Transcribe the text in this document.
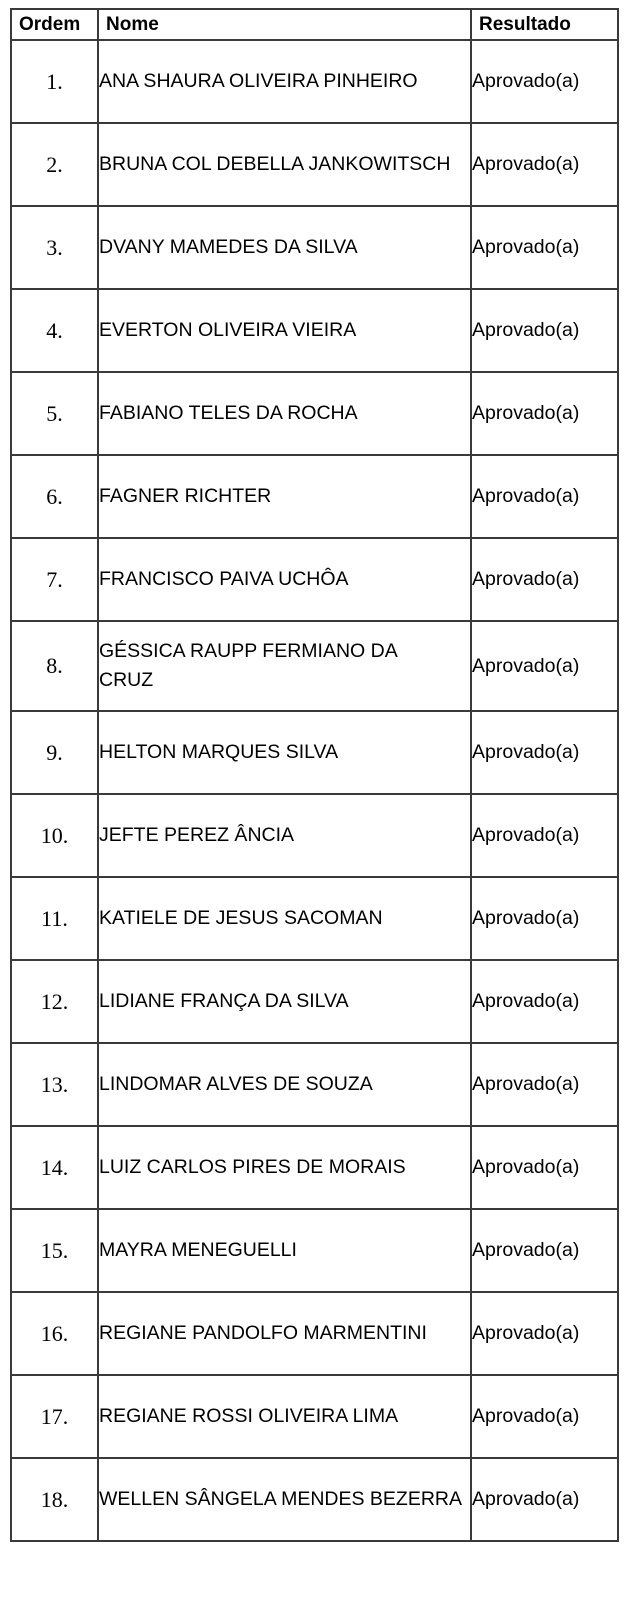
Ordem	Nome	Resultado
1.	ANA SHAURA OLIVEIRA PINHEIRO	Aprovado(a)
2.	BRUNA COL DEBELLA JANKOWITSCH	Aprovado(a)
3.	DVANY MAMEDES DA SILVA	Aprovado(a)
4.	EVERTON OLIVEIRA VIEIRA	Aprovado(a)
5.	FABIANO TELES DA ROCHA	Aprovado(a)
6.	FAGNER RICHTER	Aprovado(a)
7.	FRANCISCO PAIVA UCHÔA	Aprovado(a)
8.	GÉSSICA RAUPP FERMIANO DA CRUZ	Aprovado(a)
9.	HELTON MARQUES SILVA	Aprovado(a)
10.	JEFTE PEREZ ÂNCIA	Aprovado(a)
11.	KATIELE DE JESUS SACOMAN	Aprovado(a)
12.	LIDIANE FRANÇA DA SILVA	Aprovado(a)
13.	LINDOMAR ALVES DE SOUZA	Aprovado(a)
14.	LUIZ CARLOS PIRES DE MORAIS	Aprovado(a)
15.	MAYRA MENEGUELLI	Aprovado(a)
16.	REGIANE PANDOLFO MARMENTINI	Aprovado(a)
17.	REGIANE ROSSI OLIVEIRA LIMA	Aprovado(a)
18.	WELLEN SÂNGELA MENDES BEZERRA	Aprovado(a)
